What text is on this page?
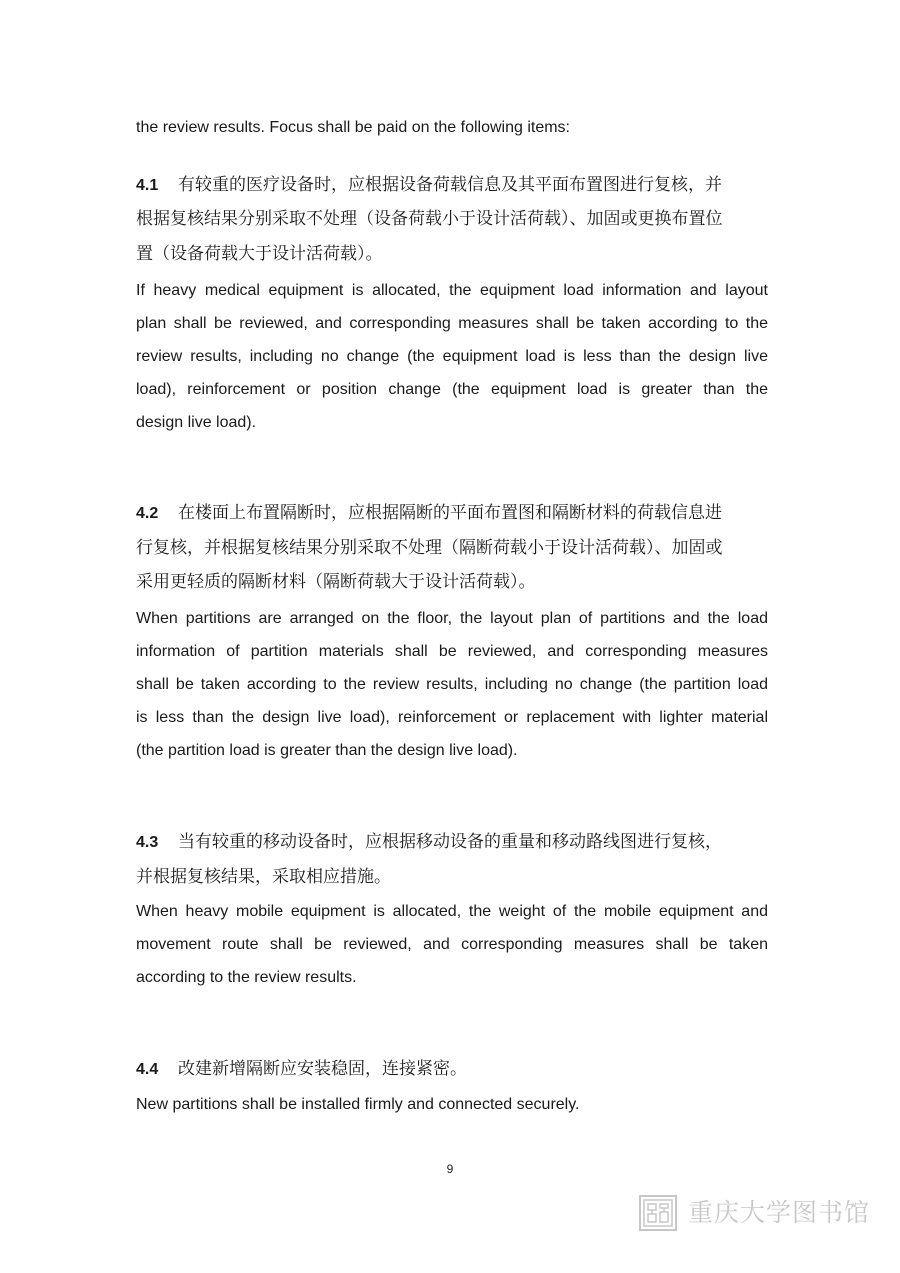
the review results. Focus shall be paid on the following items:
4.1 有较重的医疗设备时，应根据设备荷载信息及其平面布置图进行复核，并
根据复核结果分别采取不处理（设备荷载小于设计活荷载）、加固或更换布置位
置（设备荷载大于设计活荷载）。
If heavy medical equipment is allocated, the equipment load information and layout
plan shall be reviewed, and corresponding measures shall be taken according to the
review results, including no change (the equipment load is less than the design live
load), reinforcement or position change (the equipment load is greater than the
design live load).
4.2 在楼面上布置隔断时，应根据隔断的平面布置图和隔断材料的荷载信息进
行复核，并根据复核结果分别采取不处理（隔断荷载小于设计活荷载）、加固或
采用更轻质的隔断材料（隔断荷载大于设计活荷载）。
When partitions are arranged on the floor, the layout plan of partitions and the load
information of partition materials shall be reviewed, and corresponding measures
shall be taken according to the review results, including no change (the partition load
is less than the design live load), reinforcement or replacement with lighter material
(the partition load is greater than the design live load).
4.3 当有较重的移动设备时，应根据移动设备的重量和移动路线图进行复核，
并根据复核结果，采取相应措施。
When heavy mobile equipment is allocated, the weight of the mobile equipment and
movement route shall be reviewed, and corresponding measures shall be taken
according to the review results.
4.4 改建新增隔断应安装稳固，连接紧密。
New partitions shall be installed firmly and connected securely.
9
重庆大学图书馆
